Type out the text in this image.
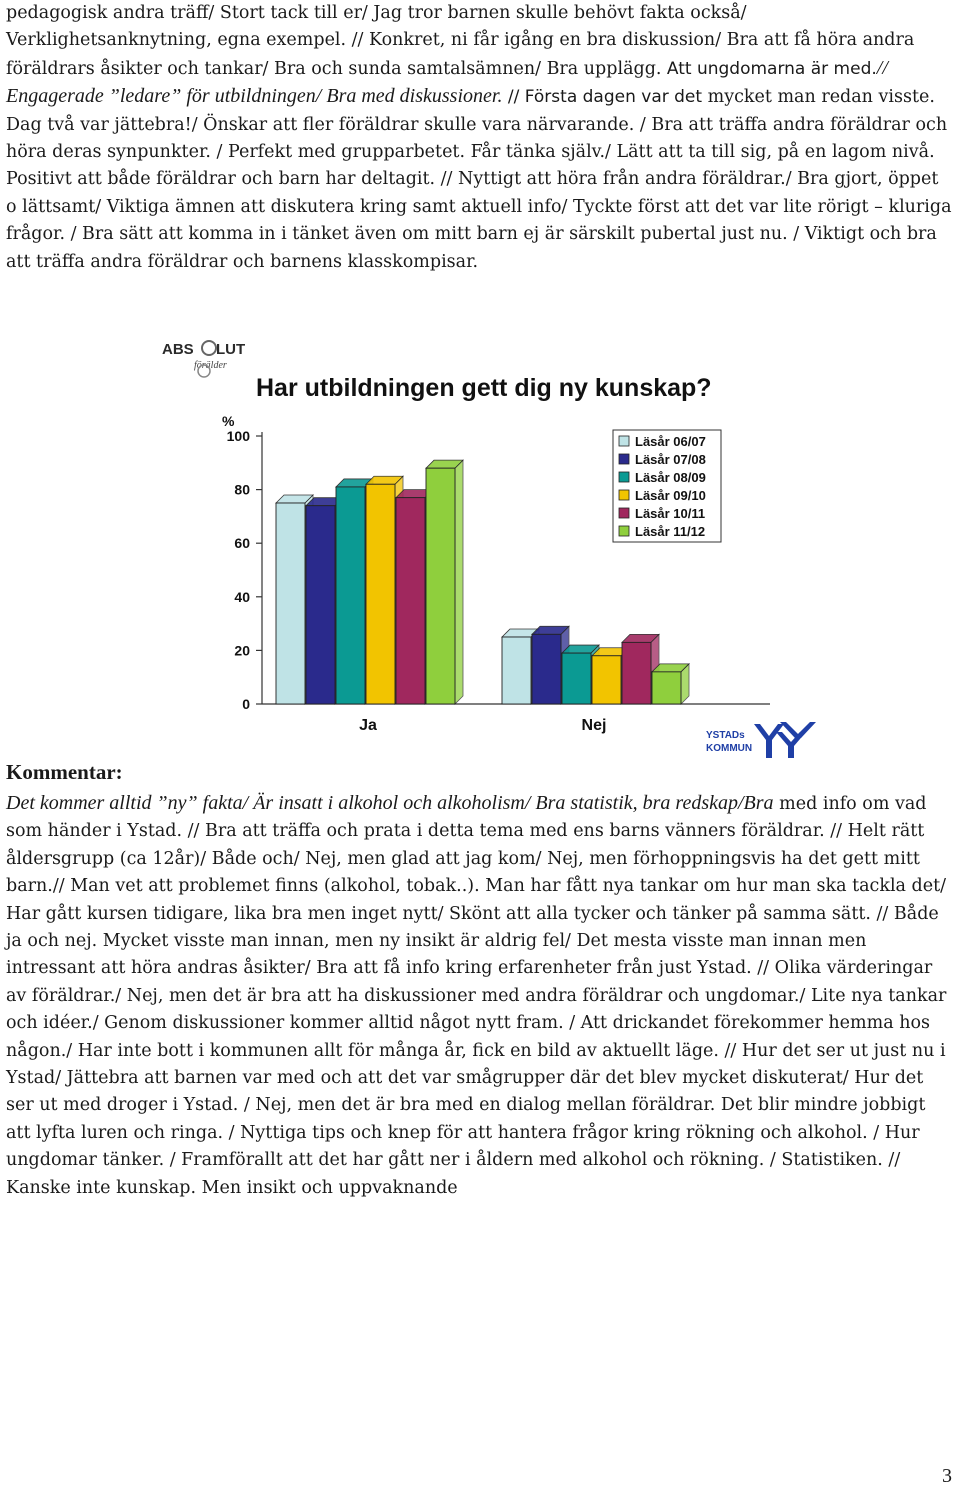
pedagogisk andra träff/ Stort tack till er/ Jag tror barnen skulle behövt fakta också/ Verklighetsanknytning, egna exempel. // Konkret, ni får igång en bra diskussion/ Bra att få höra andra föräldrars åsikter och tankar/ Bra och sunda samtalsämnen/ Bra upplägg. Att ungdomarna är med.// Engagerade ”ledare” för utbildningen/ Bra med diskussioner. // Första dagen var det mycket man redan visste. Dag två var jättebra!/ Önskar att fler föräldrar skulle vara närvarande. / Bra att träffa andra föräldrar och höra deras synpunkter. / Perfekt med grupparbetet. Får tänka själv./ Lätt att ta till sig, på en lagom nivå. Positivt att både föräldrar och barn har deltagit. // Nyttigt att höra från andra föräldrar./ Bra gjort, öppet o lättsamt/ Viktiga ämnen att diskutera kring samt aktuell info/ Tyckte först att det var lite rörigt – kluriga frågor. / Bra sätt att komma in i tänket även om mitt barn ej är särskilt pubertal just nu. / Viktigt och bra att träffa andra föräldrar och barnens klasskompisar.

ABS LUT
förälder
Har utbildningen gett dig ny kunskap?
%
0
20
40
60
80
100
Ja	Nej
Läsår 06/07
Läsår 07/08
Läsår 08/09
Läsår 09/10
Läsår 10/11
Läsår 11/12
YSTADs
KOMMUN
Kommentar:

Det kommer alltid ”ny” fakta/ Är insatt i alkohol och alkoholism/ Bra statistik, bra redskap/Bra med info om vad som händer i Ystad. // Bra att träffa och prata i detta tema med ens barns vänners föräldrar. // Helt rätt åldersgrupp (ca 12år)/ Både och/ Nej, men glad att jag kom/ Nej, men förhoppningsvis ha det gett mitt barn.// Man vet att problemet finns (alkohol, tobak..). Man har fått nya tankar om hur man ska tackla det/ Har gått kursen tidigare, lika bra men inget nytt/ Skönt att alla tycker och tänker på samma sätt. // Både ja och nej. Mycket visste man innan, men ny insikt är aldrig fel/ Det mesta visste man innan men intressant att höra andras åsikter/ Bra att få info kring erfarenheter från just Ystad. // Olika värderingar av föräldrar./ Nej, men det är bra att ha diskussioner med andra föräldrar och ungdomar./ Lite nya tankar och idéer./ Genom diskussioner kommer alltid något nytt fram. / Att drickandet förekommer hemma hos någon./ Har inte bott i kommunen allt för många år, fick en bild av aktuellt läge. // Hur det ser ut just nu i Ystad/ Jättebra att barnen var med och att det var smågrupper där det blev mycket diskuterat/ Hur det ser ut med droger i Ystad. / Nej, men det är bra med en dialog mellan föräldrar. Det blir mindre jobbigt att lyfta luren och ringa. / Nyttiga tips och knep för att hantera frågor kring rökning och alkohol. / Hur ungdomar tänker. / Framförallt att det har gått ner i åldern med alkohol och rökning. / Statistiken. // Kanske inte kunskap. Men insikt och uppvaknande

3
